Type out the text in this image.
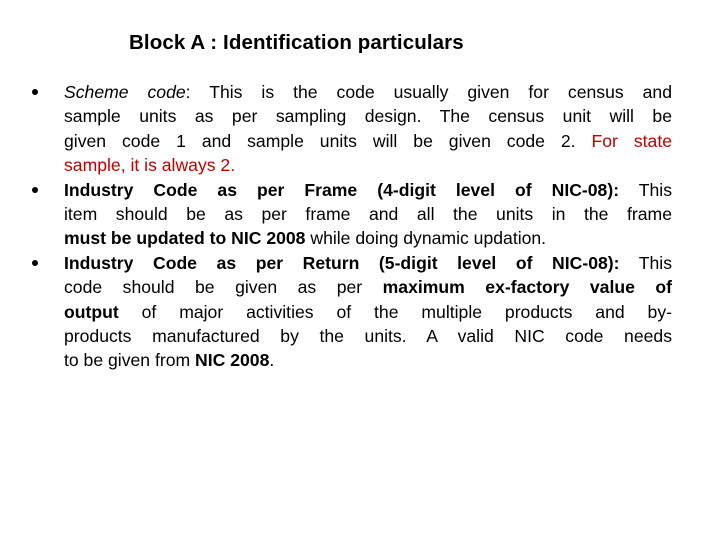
Block A : Identification particulars
Scheme code: This is the code usually given for census and
sample units as per sampling design. The census unit will be
given code 1 and sample units will be given code 2. For state
sample, it is always 2.
Industry Code as per Frame (4-digit level of NIC-08): This
item should be as per frame and all the units in the frame
must be updated to NIC 2008 while doing dynamic updation.
Industry Code as per Return (5-digit level of NIC-08): This
code should be given as per maximum ex-factory value of
output of major activities of the multiple products and by-
products manufactured by the units. A valid NIC code needs
to be given from NIC 2008.
